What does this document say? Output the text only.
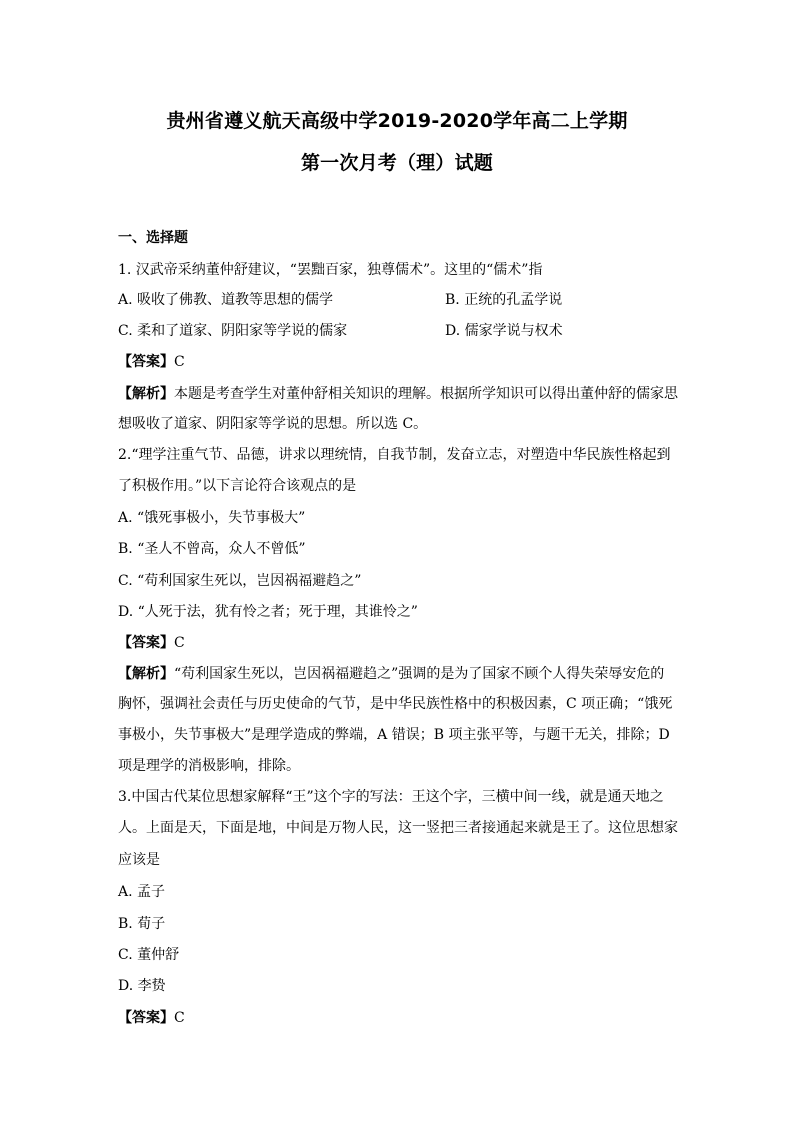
贵州省遵义航天高级中学2019-2020学年高二上学期
第一次月考（理）试题
一、选择题
1. 汉武帝采纳董仲舒建议，“罢黜百家，独尊儒术”。这里的“儒术”指
A. 吸收了佛教、道教等思想的儒学	B. 正统的孔孟学说
C. 柔和了道家、阴阳家等学说的儒家	D. 儒家学说与权术
【答案】C
【解析】本题是考查学生对董仲舒相关知识的理解。根据所学知识可以得出董仲舒的儒家思
想吸收了道家、阴阳家等学说的思想。所以选 C。
2.“理学注重气节、品德，讲求以理统情，自我节制，发奋立志，对塑造中华民族性格起到
了积极作用。”以下言论符合该观点的是
A. “饿死事极小，失节事极大”
B. “圣人不曾高，众人不曾低”
C. “苟利国家生死以，岂因祸福避趋之”
D. “人死于法，犹有怜之者；死于理，其谁怜之”
【答案】C
【解析】“苟利国家生死以，岂因祸福避趋之”强调的是为了国家不顾个人得失荣辱安危的
胸怀，强调社会责任与历史使命的气节，是中华民族性格中的积极因素，C 项正确；“饿死
事极小，失节事极大”是理学造成的弊端，A 错误；B 项主张平等，与题干无关，排除；D
项是理学的消极影响，排除。
3.中国古代某位思想家解释“王”这个字的写法：王这个字，三横中间一线，就是通天地之
人。上面是天，下面是地，中间是万物人民，这一竖把三者接通起来就是王了。这位思想家
应该是
A. 孟子
B. 荀子
C. 董仲舒
D. 李贽
【答案】C
